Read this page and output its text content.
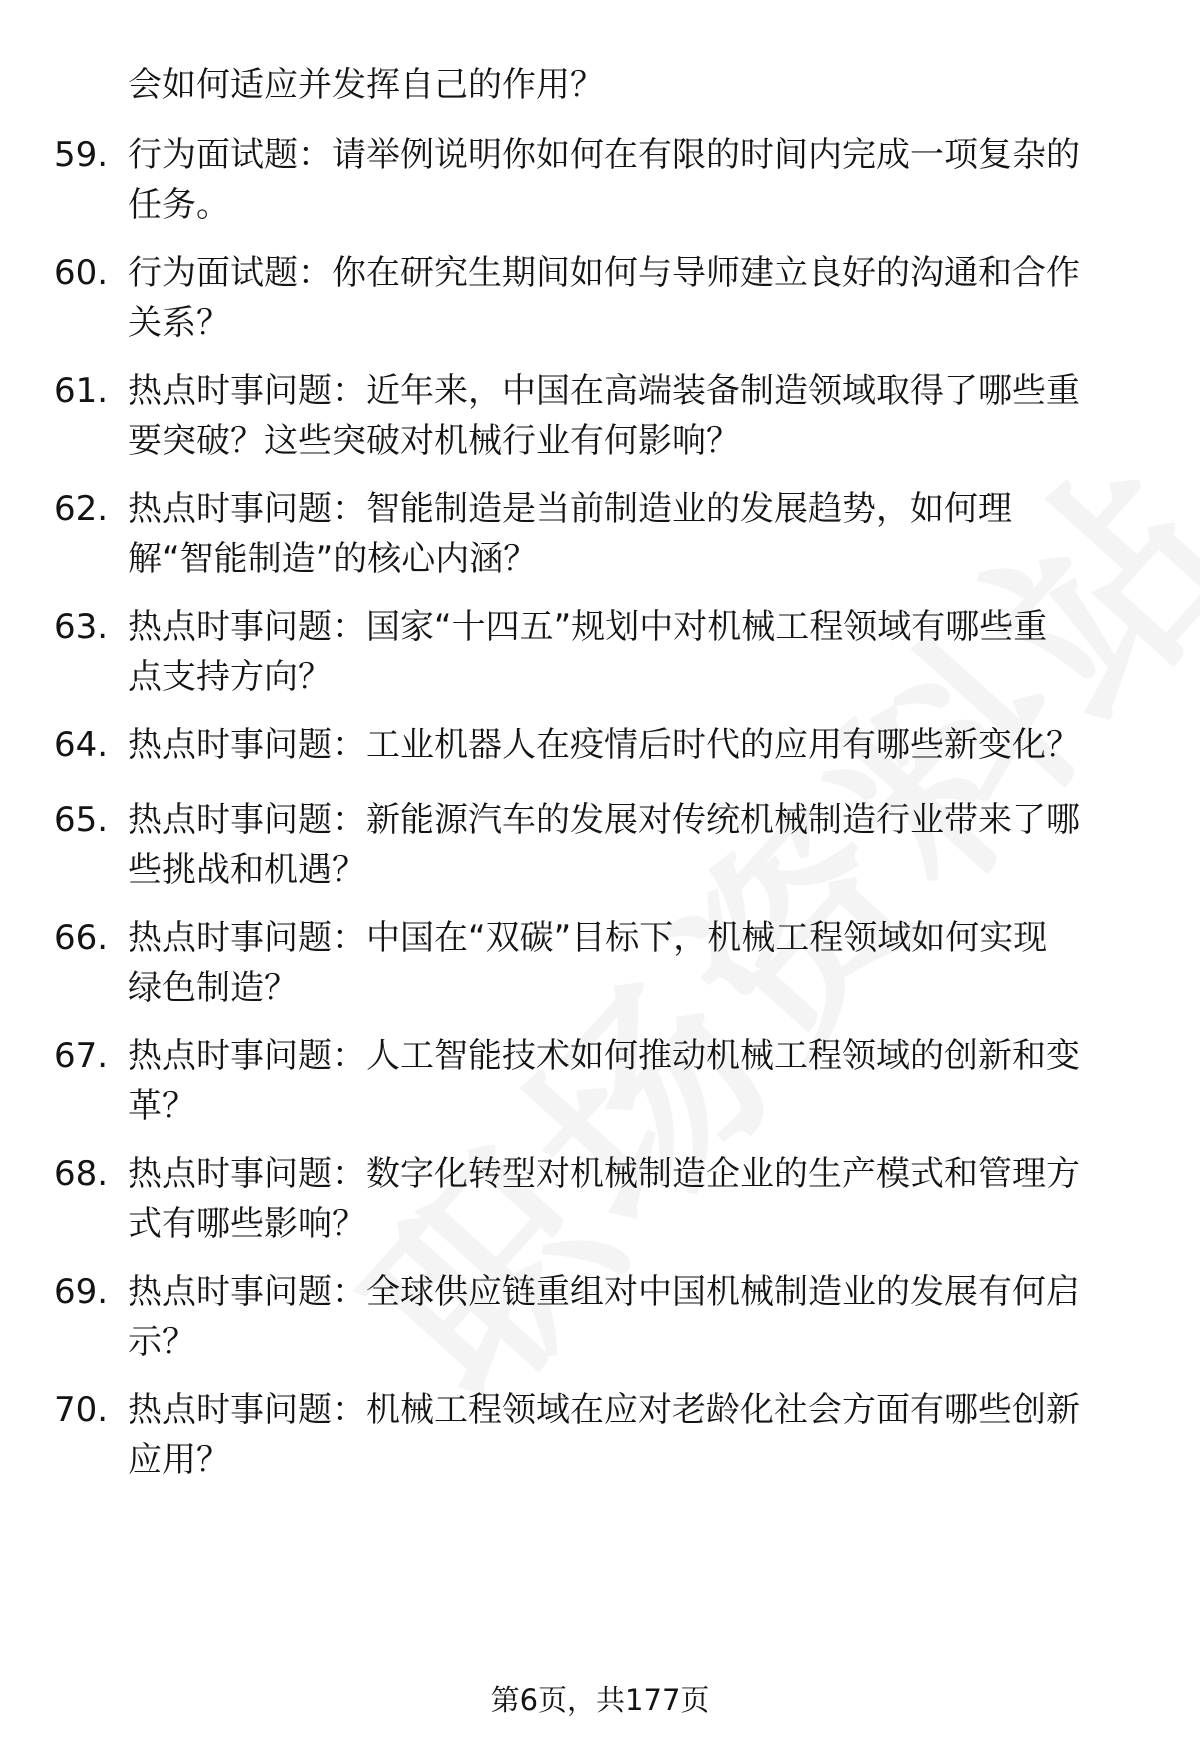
会如何适应并发挥自己的作用？
59. 行为面试题：请举例说明你如何在有限的时间内完成一项复杂的
任务。
60. 行为面试题：你在研究生期间如何与导师建立良好的沟通和合作
关系？
61. 热点时事问题：近年来，中国在高端装备制造领域取得了哪些重
要突破？这些突破对机械行业有何影响？
62. 热点时事问题：智能制造是当前制造业的发展趋势，如何理
解“智能制造”的核心内涵？
63. 热点时事问题：国家“十四五”规划中对机械工程领域有哪些重
点支持方向？
64. 热点时事问题：工业机器人在疫情后时代的应用有哪些新变化？
65. 热点时事问题：新能源汽车的发展对传统机械制造行业带来了哪
些挑战和机遇？
66. 热点时事问题：中国在“双碳”目标下，机械工程领域如何实现
绿色制造？
67. 热点时事问题：人工智能技术如何推动机械工程领域的创新和变
革？
68. 热点时事问题：数字化转型对机械制造企业的生产模式和管理方
式有哪些影响？
69. 热点时事问题：全球供应链重组对中国机械制造业的发展有何启
示？
70. 热点时事问题：机械工程领域在应对老龄化社会方面有哪些创新
应用？
第6页，共177页
